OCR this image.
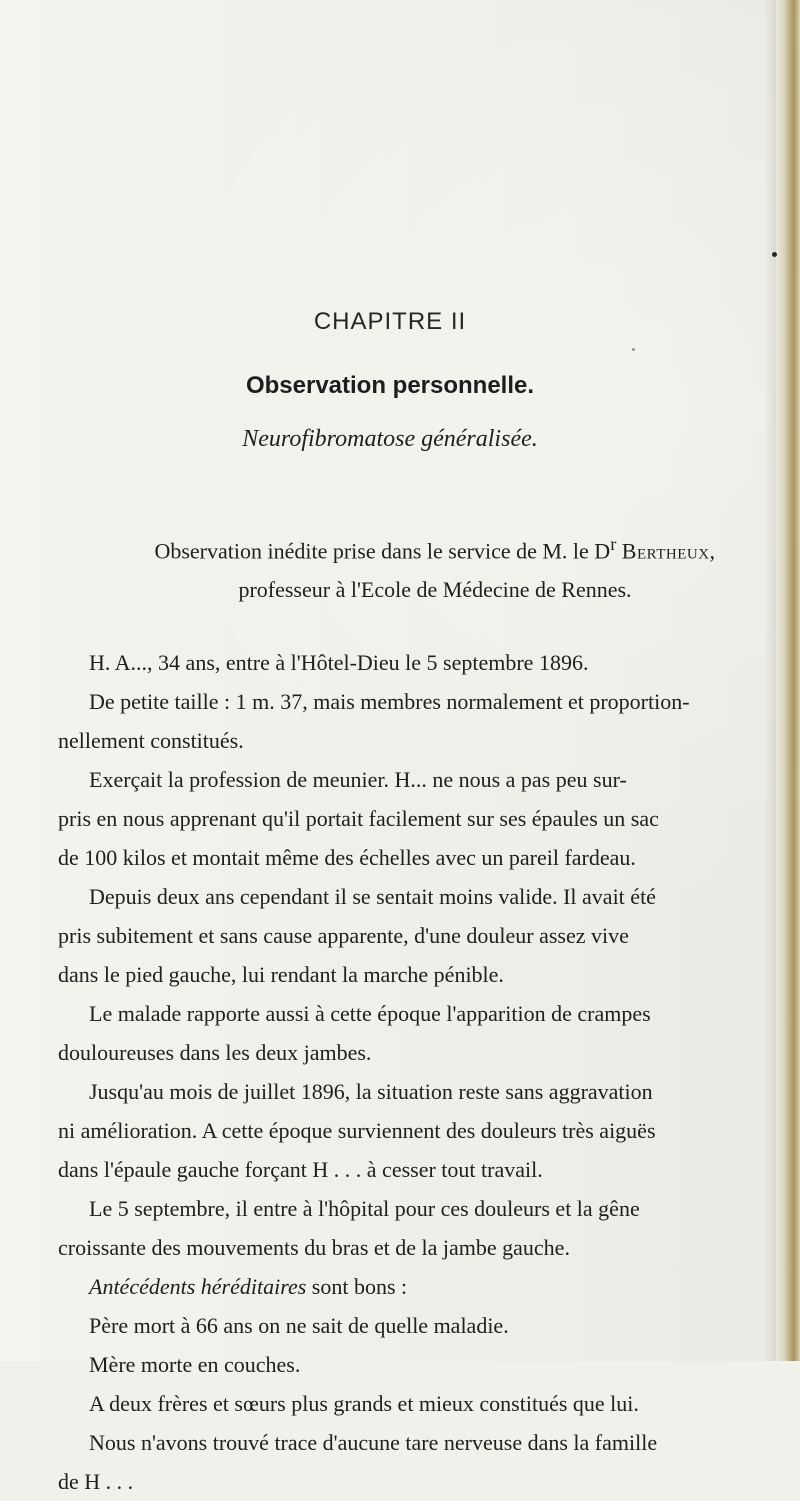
CHAPITRE II
Observation personnelle.
Neurofibromatose généralisée.
Observation inédite prise dans le service de M. le $D^r$ Bertheux,
professeur à l'Ecole de Médecine de Rennes.
H. A..., 34 ans, entre à l'Hôtel-Dieu le 5 septembre 1896.
De petite taille : 1 m. 37, mais membres normalement et proportion-
nellement constitués.
Exerçait la profession de meunier. H... ne nous a pas peu sur-
pris en nous apprenant qu'il portait facilement sur ses épaules un sac
de 100 kilos et montait même des échelles avec un pareil fardeau.
Depuis deux ans cependant il se sentait moins valide. Il avait été
pris subitement et sans cause apparente, d'une douleur assez vive
dans le pied gauche, lui rendant la marche pénible.
Le malade rapporte aussi à cette époque l'apparition de crampes
douloureuses dans les deux jambes.
Jusqu'au mois de juillet 1896, la situation reste sans aggravation
ni amélioration. A cette époque surviennent des douleurs très aiguës
dans l'épaule gauche forçant H . . . à cesser tout travail.
Le 5 septembre, il entre à l'hôpital pour ces douleurs et la gêne
croissante des mouvements du bras et de la jambe gauche.
Antécédents héréditaires sont bons :
Père mort à 66 ans on ne sait de quelle maladie.
Mère morte en couches.
A deux frères et sœurs plus grands et mieux constitués que lui.
Nous n'avons trouvé trace d'aucune tare nerveuse dans la famille
de H . . .
